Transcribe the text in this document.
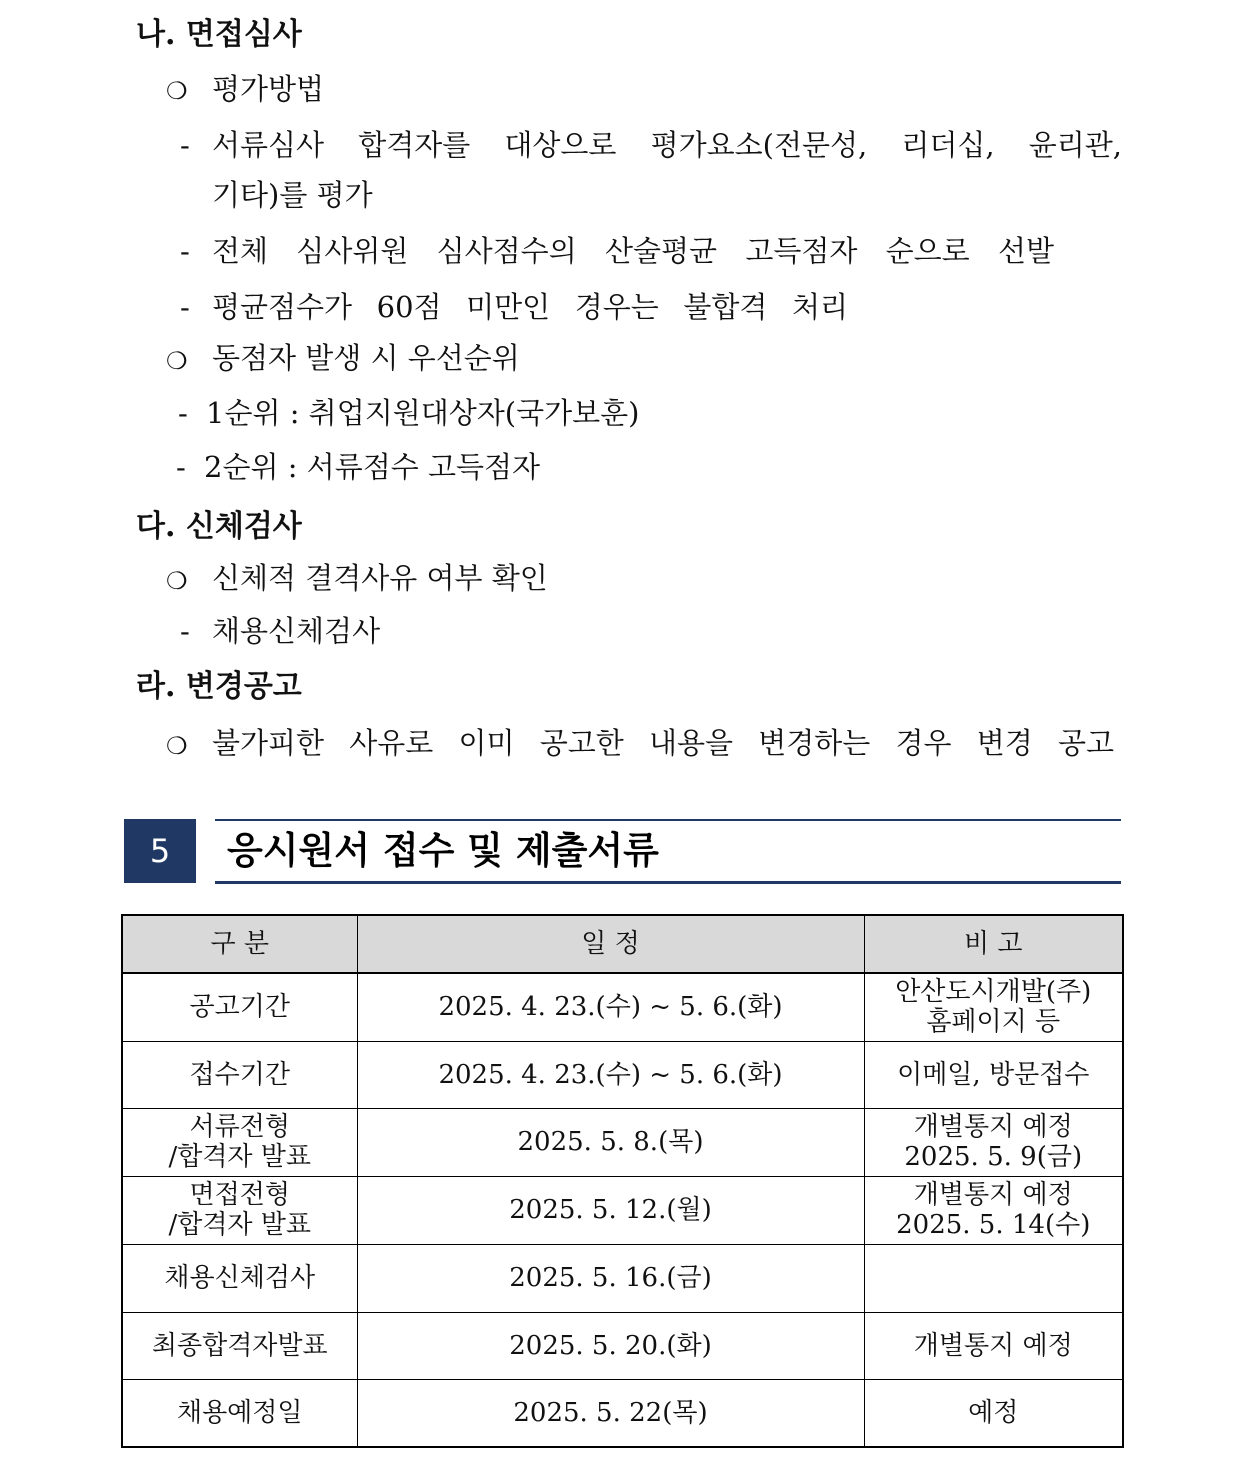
나. 면접심사
❍ 평가방법
- 서류심사 합격자를 대상으로 평가요소(전문성, 리더십, 윤리관,
기타)를 평가
- 전체 심사위원 심사점수의 산술평균 고득점자 순으로 선발
- 평균점수가 60점 미만인 경우는 불합격 처리
❍ 동점자 발생 시 우선순위
- 1순위 : 취업지원대상자(국가보훈)
- 2순위 : 서류점수 고득점자
다. 신체검사
❍ 신체적 결격사유 여부 확인
- 채용신체검사
라. 변경공고
❍ 불가피한 사유로 이미 공고한 내용을 변경하는 경우 변경 공고
5	응시원서 접수 및 제출서류
구 분	일 정	비 고

공고기간	2025. 4. 23.(수) ~ 5. 6.(화)	안산도시개발(주)
홈페이지 등

접수기간	2025. 4. 23.(수) ~ 5. 6.(화)	이메일, 방문접수

서류전형
/합격자 발표	2025. 5. 8.(목)	개별통지 예정
2025. 5. 9(금)

면접전형
/합격자 발표	2025. 5. 12.(월)	개별통지 예정
2025. 5. 14(수)

채용신체검사	2025. 5. 16.(금)	

최종합격자발표	2025. 5. 20.(화)	개별통지 예정

채용예정일	2025. 5. 22(목)	예정
